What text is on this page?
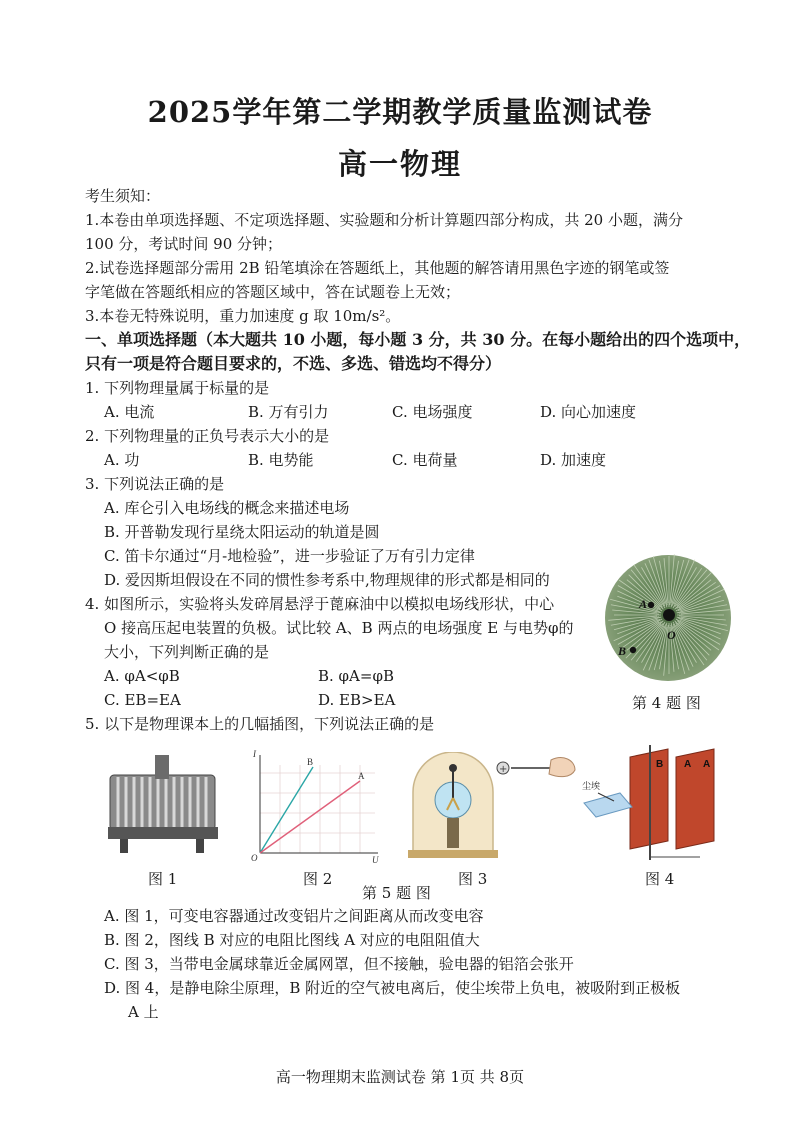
2025学年第二学期教学质量监测试卷
高一物理
考生须知：
1.本卷由单项选择题、不定项选择题、实验题和分析计算题四部分构成，共 20 小题，满分
100 分，考试时间 90 分钟；
2.试卷选择题部分需用 2B 铅笔填涂在答题纸上，其他题的解答请用黑色字迹的钢笔或签
字笔做在答题纸相应的答题区域中，答在试题卷上无效；
3.本卷无特殊说明，重力加速度 g 取 10m/s²。
一、单项选择题（本大题共 10 小题，每小题 3 分，共 30 分。在每小题给出的四个选项中，
只有一项是符合题目要求的，不选、多选、错选均不得分）
1. 下列物理量属于标量的是
A. 电流	B. 万有引力	C. 电场强度	D. 向心加速度
2. 下列物理量的正负号表示大小的是
A. 功	B. 电势能	C. 电荷量	D. 加速度
3. 下列说法正确的是
A. 库仑引入电场线的概念来描述电场
B. 开普勒发现行星绕太阳运动的轨道是圆
C. 笛卡尔通过“月-地检验”，进一步验证了万有引力定律
D. 爱因斯坦假设在不同的惯性参考系中,物理规律的形式都是相同的
4. 如图所示，实验将头发碎屑悬浮于蓖麻油中以模拟电场线形状，中心
O 接高压起电装置的负极。试比较 A、B 两点的电场强度 E 与电势φ的
大小，下列判断正确的是
A. φA<φB	B. φA=φB
C. EB=EA	D. EB>EA
A
O
B
第 4 题 图
5. 以下是物理课本上的几幅插图，下列说法正确的是
图 1
I
U
O
B
A
图 2
+
图 3
尘埃
B A A
图 4
第 5 题 图
A. 图 1，可变电容器通过改变铝片之间距离从而改变电容
B. 图 2，图线 B 对应的电阻比图线 A 对应的电阻阻值大
C. 图 3，当带电金属球靠近金属网罩，但不接触，验电器的铝箔会张开
D. 图 4，是静电除尘原理，B 附近的空气被电离后，使尘埃带上负电，被吸附到正极板
A 上
高一物理期末监测试卷 第 1页 共 8页
